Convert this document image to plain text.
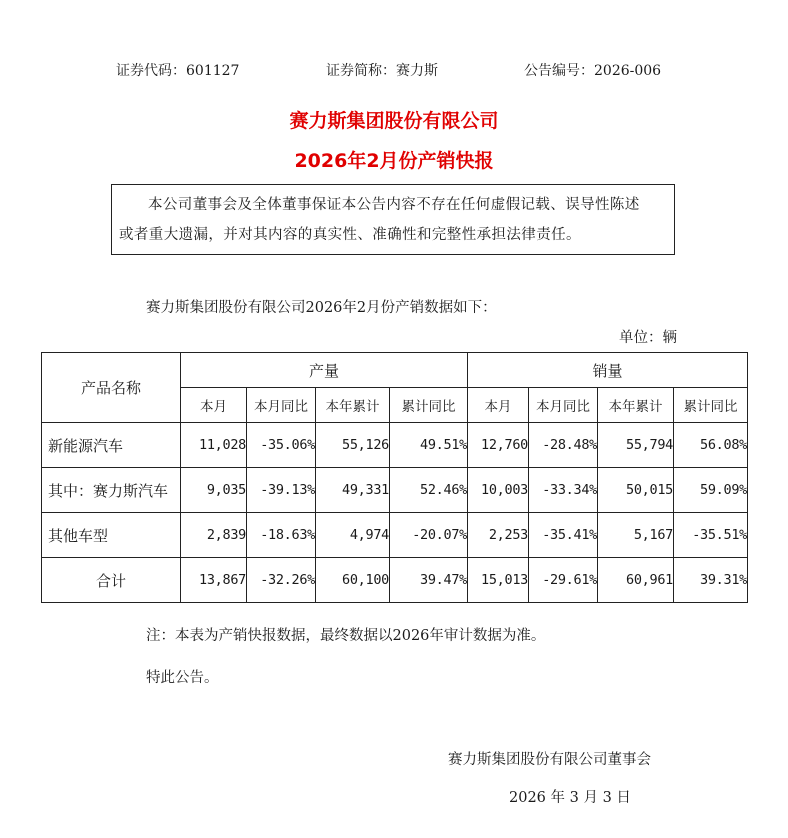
证券代码：601127	证券简称：赛力斯	公告编号：2026-006
赛力斯集团股份有限公司
2026年2月份产销快报
本公司董事会及全体董事保证本公告内容不存在任何虚假记载、误导性陈述
或者重大遗漏，并对其内容的真实性、准确性和完整性承担法律责任。
赛力斯集团股份有限公司2026年2月份产销数据如下：
单位：辆
产品名称	产量				销量			
	本月	本月同比	本年累计	累计同比	本月	本月同比	本年累计	累计同比
新能源汽车	11,028	-35.06%	55,126	49.51%	12,760	-28.48%	55,794	56.08%
其中：赛力斯汽车	9,035	-39.13%	49,331	52.46%	10,003	-33.34%	50,015	59.09%
其他车型	2,839	-18.63%	4,974	-20.07%	2,253	-35.41%	5,167	-35.51%
合计	13,867	-32.26%	60,100	39.47%	15,013	-29.61%	60,961	39.31%
注：本表为产销快报数据，最终数据以2026年审计数据为准。
特此公告。
赛力斯集团股份有限公司董事会
2026 年 3 月 3 日
